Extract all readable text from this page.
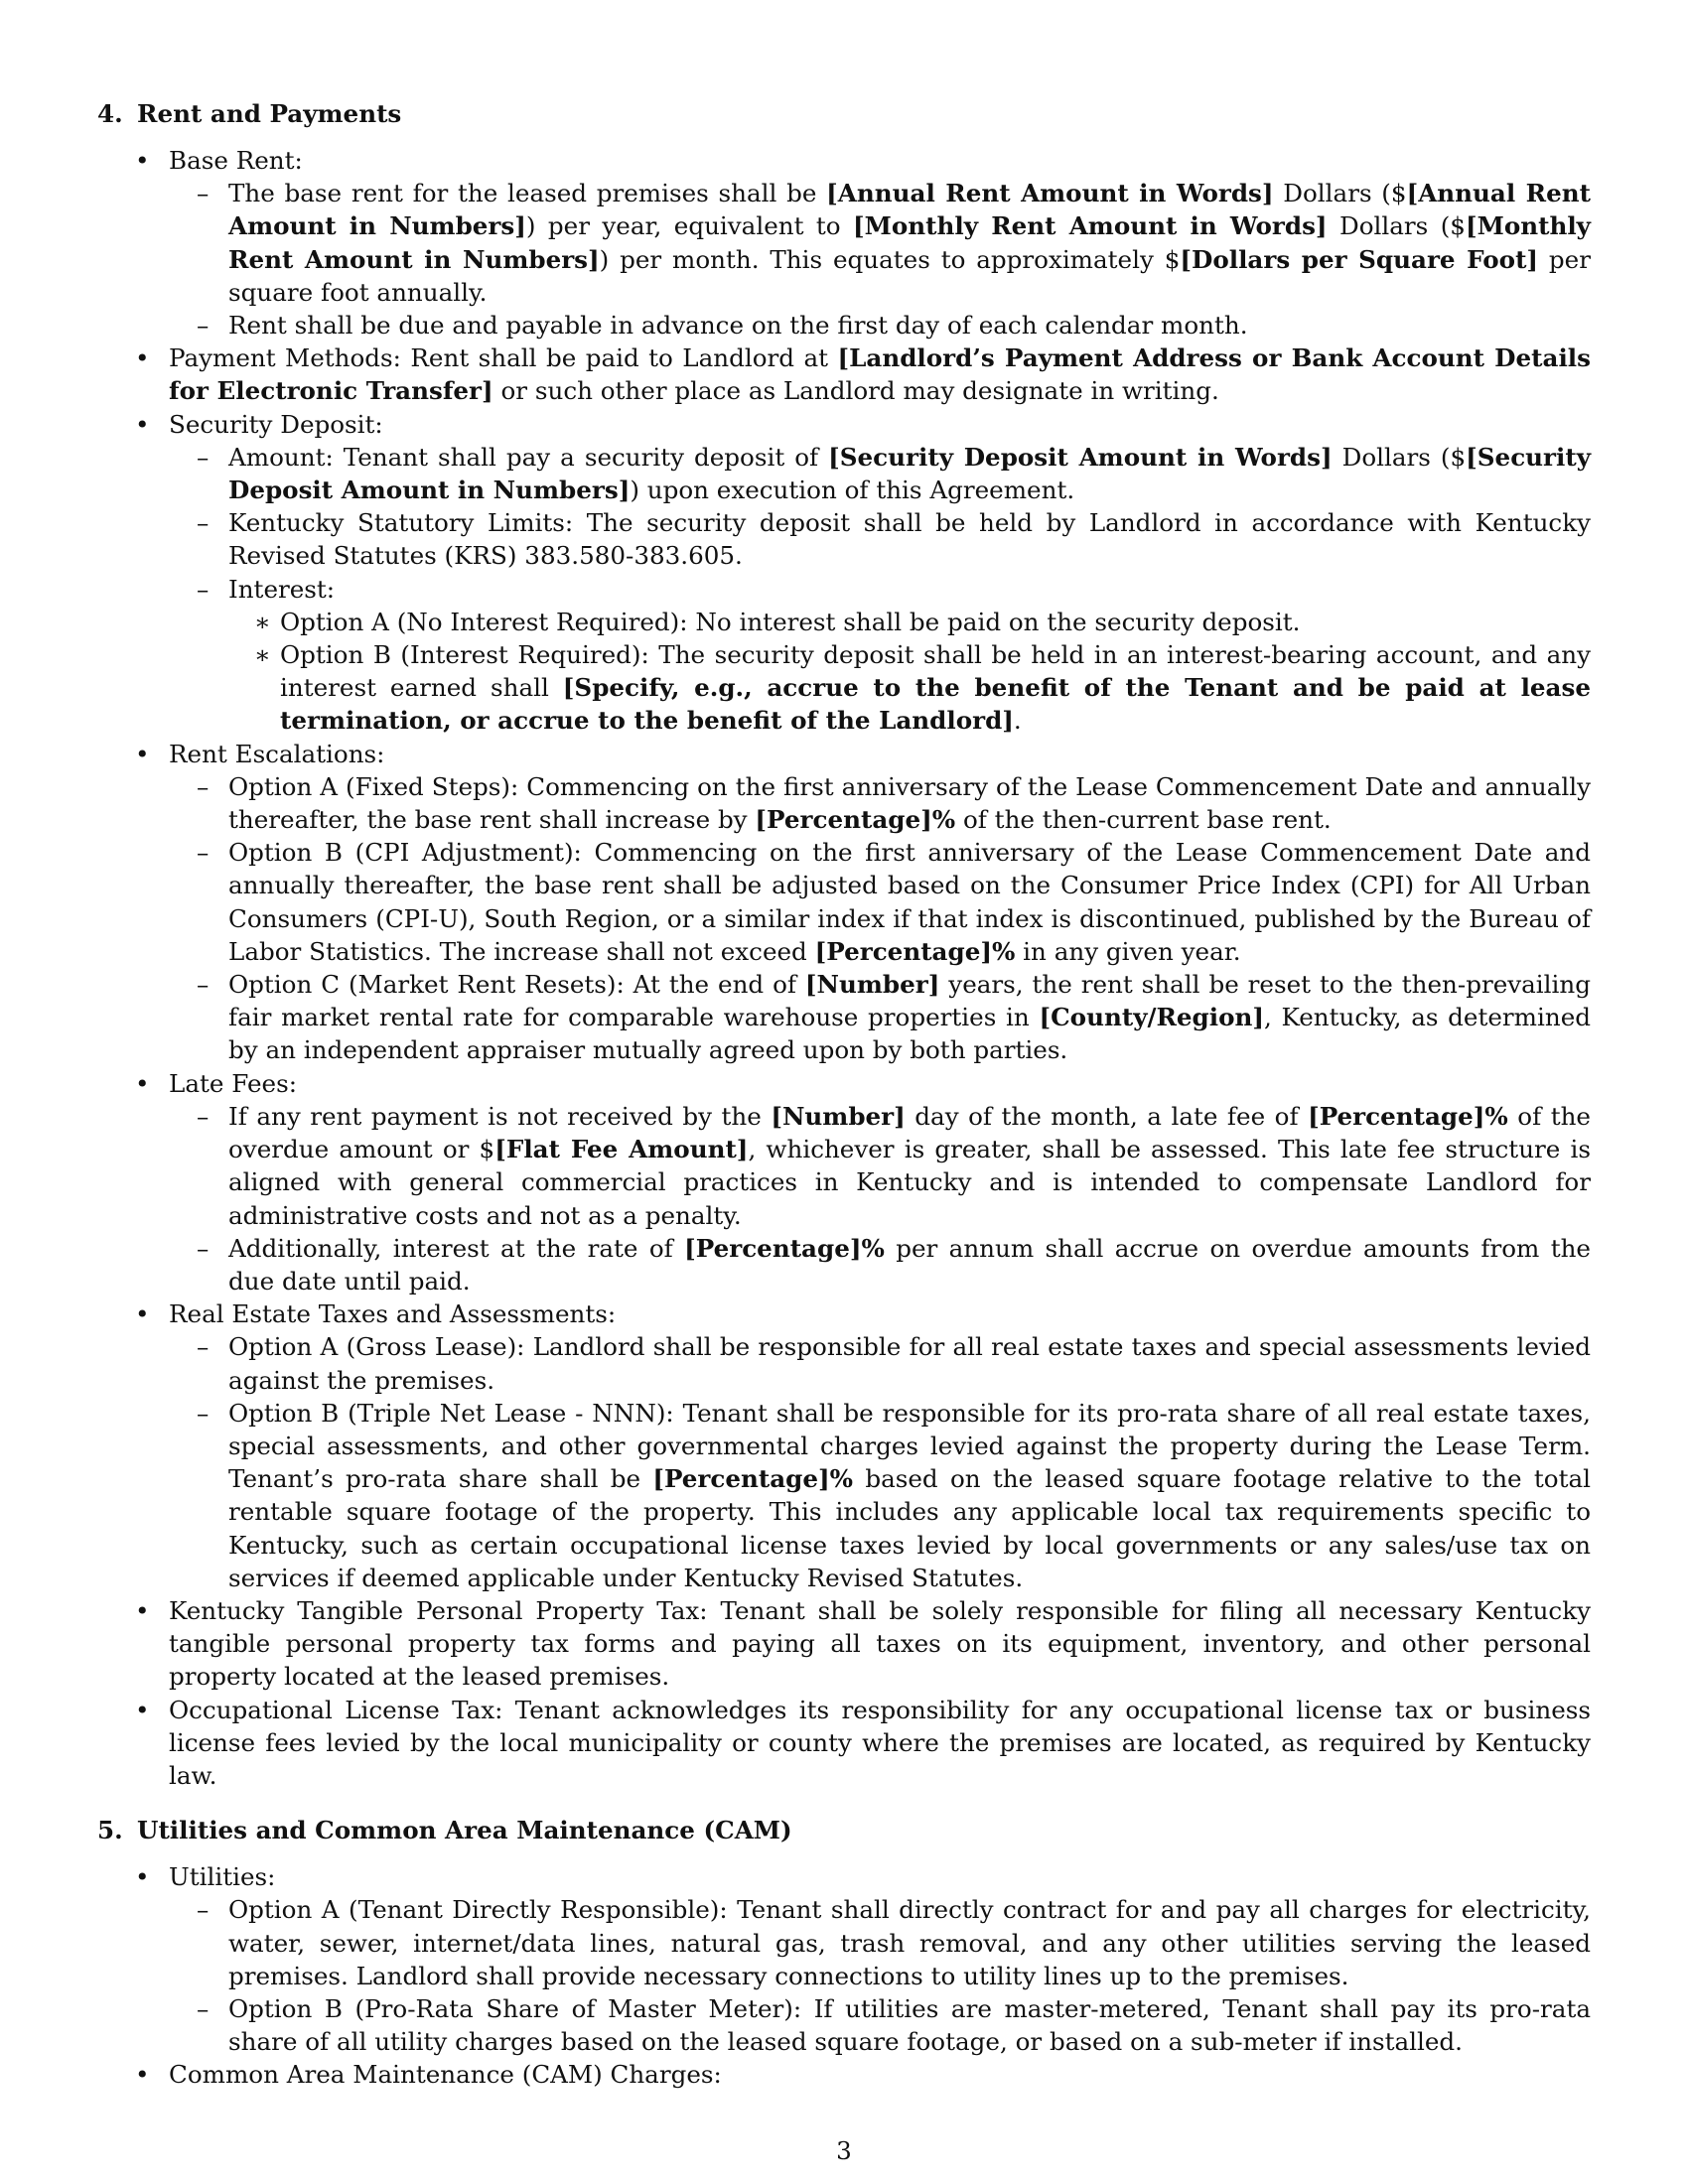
4. Rent and Payments
• Base Rent:
– The base rent for the leased premises shall be [Annual Rent Amount in Words] Dollars ($[Annual Rent Amount in Numbers]) per year, equivalent to [Monthly Rent Amount in Words] Dollars ($[Monthly Rent Amount in Numbers]) per month. This equates to approximately $[Dollars per Square Foot] per square foot annually.
– Rent shall be due and payable in advance on the first day of each calendar month.
• Payment Methods: Rent shall be paid to Landlord at [Landlord’s Payment Address or Bank Account Details for Electronic Transfer] or such other place as Landlord may designate in writing.
• Security Deposit:
– Amount: Tenant shall pay a security deposit of [Security Deposit Amount in Words] Dollars ($[Security Deposit Amount in Numbers]) upon execution of this Agreement.
– Kentucky Statutory Limits: The security deposit shall be held by Landlord in accordance with Kentucky Revised Statutes (KRS) 383.580-383.605.
– Interest:
∗ Option A (No Interest Required): No interest shall be paid on the security deposit.
∗ Option B (Interest Required): The security deposit shall be held in an interest-bearing account, and any interest earned shall [Specify, e.g., accrue to the benefit of the Tenant and be paid at lease termination, or accrue to the benefit of the Landlord].
• Rent Escalations:
– Option A (Fixed Steps): Commencing on the first anniversary of the Lease Commencement Date and annually thereafter, the base rent shall increase by [Percentage]% of the then-current base rent.
– Option B (CPI Adjustment): Commencing on the first anniversary of the Lease Commencement Date and annually thereafter, the base rent shall be adjusted based on the Consumer Price Index (CPI) for All Urban Consumers (CPI-U), South Region, or a similar index if that index is discontinued, published by the Bureau of Labor Statistics. The increase shall not exceed [Percentage]% in any given year.
– Option C (Market Rent Resets): At the end of [Number] years, the rent shall be reset to the then-prevailing fair market rental rate for comparable warehouse properties in [County/Region], Kentucky, as determined by an independent appraiser mutually agreed upon by both parties.
• Late Fees:
– If any rent payment is not received by the [Number] day of the month, a late fee of [Percentage]% of the overdue amount or $[Flat Fee Amount], whichever is greater, shall be assessed. This late fee structure is aligned with general commercial practices in Kentucky and is intended to compensate Landlord for administrative costs and not as a penalty.
– Additionally, interest at the rate of [Percentage]% per annum shall accrue on overdue amounts from the due date until paid.
• Real Estate Taxes and Assessments:
– Option A (Gross Lease): Landlord shall be responsible for all real estate taxes and special assessments levied against the premises.
– Option B (Triple Net Lease - NNN): Tenant shall be responsible for its pro-rata share of all real estate taxes, special assessments, and other governmental charges levied against the property during the Lease Term. Tenant’s pro-rata share shall be [Percentage]% based on the leased square footage relative to the total rentable square footage of the property. This includes any applicable local tax requirements specific to Kentucky, such as certain occupational license taxes levied by local governments or any sales/use tax on services if deemed applicable under Kentucky Revised Statutes.
• Kentucky Tangible Personal Property Tax: Tenant shall be solely responsible for filing all necessary Kentucky tangible personal property tax forms and paying all taxes on its equipment, inventory, and other personal property located at the leased premises.
• Occupational License Tax: Tenant acknowledges its responsibility for any occupational license tax or business license fees levied by the local municipality or county where the premises are located, as required by Kentucky law.
5. Utilities and Common Area Maintenance (CAM)
• Utilities:
– Option A (Tenant Directly Responsible): Tenant shall directly contract for and pay all charges for electricity, water, sewer, internet/data lines, natural gas, trash removal, and any other utilities serving the leased premises. Landlord shall provide necessary connections to utility lines up to the premises.
– Option B (Pro-Rata Share of Master Meter): If utilities are master-metered, Tenant shall pay its pro-rata share of all utility charges based on the leased square footage, or based on a sub-meter if installed.
• Common Area Maintenance (CAM) Charges:
3
